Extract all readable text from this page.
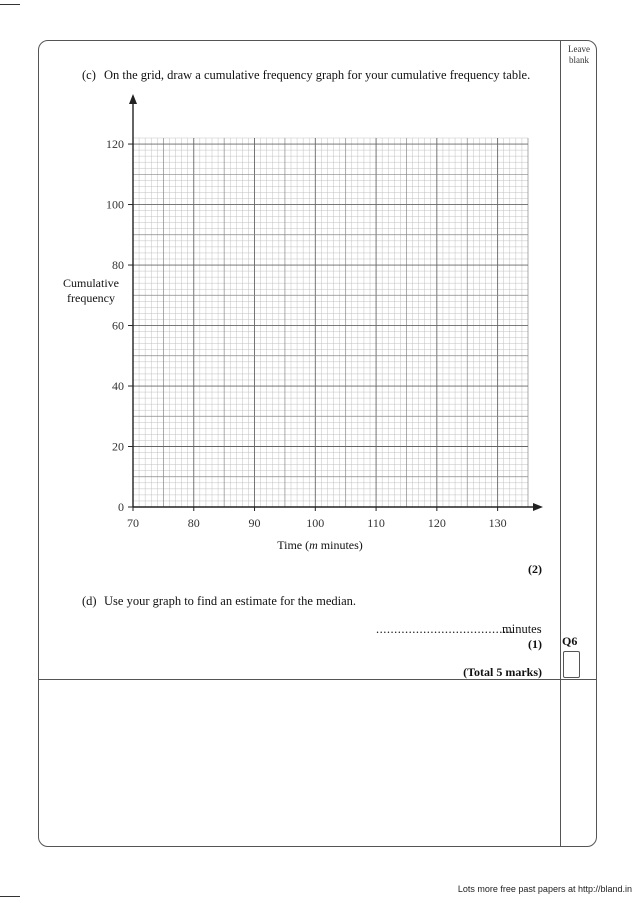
Leave blank
(c) On the grid, draw a cumulative frequency graph for your cumulative frequency table.
0
20
40
60
80
100
120
70	80	90	100	110	120	130
Cumulative
frequency
Time (m minutes)
(2)
(d) Use your graph to find an estimate for the median.
......................................
minutes
(1) Q6
(Total 5 marks)
Lots more free past papers at http://bland.in
